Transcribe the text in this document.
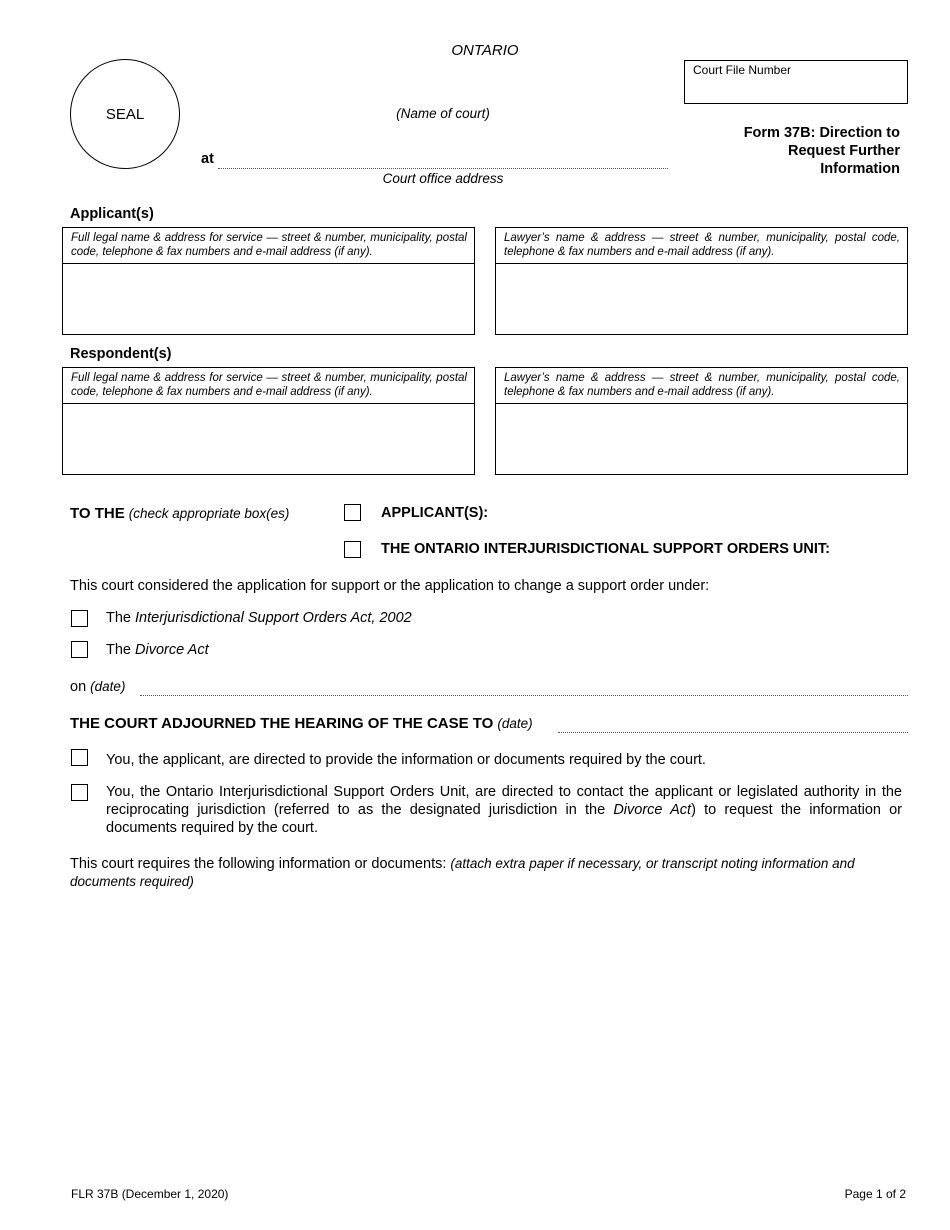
ONTARIO
SEAL
Court File Number
(Name of court)
at
Court office address
Form 37B: Direction to
Request Further
Information
Applicant(s)
Full legal name & address for service — street & number, municipality, postal code, telephone & fax numbers and e-mail address (if any).
Lawyer’s name & address — street & number, municipality, postal code, telephone & fax numbers and e-mail address (if any).
Respondent(s)
Full legal name & address for service — street & number, municipality, postal code, telephone & fax numbers and e-mail address (if any).
Lawyer’s name & address — street & number, municipality, postal code, telephone & fax numbers and e-mail address (if any).
TO THE (check appropriate box(es)	APPLICANT(S):
THE ONTARIO INTERJURISDICTIONAL SUPPORT ORDERS UNIT:
This court considered the application for support or the application to change a support order under:
The Interjurisdictional Support Orders Act, 2002
The Divorce Act
on (date)
THE COURT ADJOURNED THE HEARING OF THE CASE TO (date)
You, the applicant, are directed to provide the information or documents required by the court.
You, the Ontario Interjurisdictional Support Orders Unit, are directed to contact the applicant or legislated authority in the reciprocating jurisdiction (referred to as the designated jurisdiction in the Divorce Act) to request the information or documents required by the court.
This court requires the following information or documents: (attach extra paper if necessary, or transcript noting information and documents required)
FLR 37B (December 1, 2020)	Page 1 of 2
